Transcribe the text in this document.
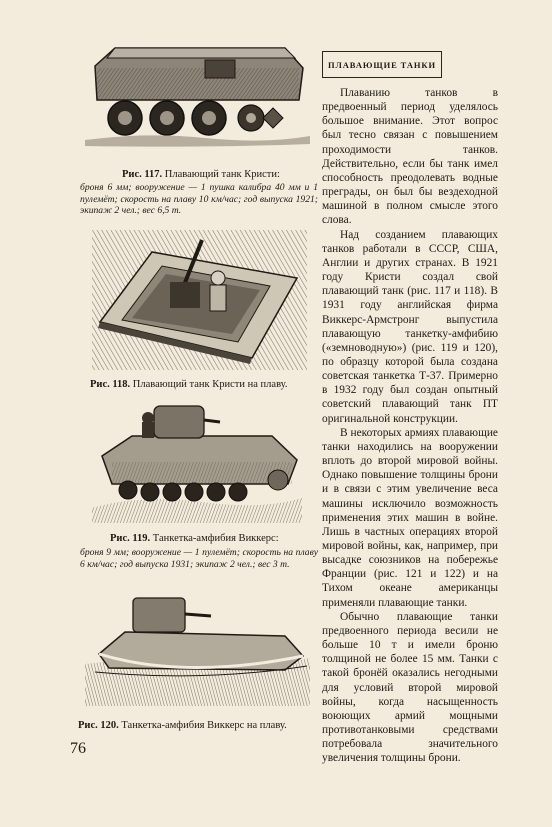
Рис. 117. Плавающий танк Кристи:
броня 6 мм; вооружение — 1 пушка калибра 40 мм и 1 пулемёт; скорость на плаву 10 км/час; год выпуска 1921; экипаж 2 чел.; вес 6,5 т.
Рис. 118. Плавающий танк Кристи на плаву.
Рис. 119. Танкетка-амфибия Виккерс:
броня 9 мм; вооружение — 1 пулемёт; скорость на плаву 6 км/час; год выпуска 1931; экипаж 2 чел.; вес 3 т.
Рис. 120. Танкетка-амфибия Виккерс на плаву.
76
ПЛАВАЮЩИЕ ТАНКИ

Плаванию танков в предвоенный период уделялось большое внимание. Этот вопрос был тесно связан с повышением проходимости танков. Действительно, если бы танк имел способность преодолевать водные преграды, он был бы вездеходной машиной в полном смысле этого слова.

Над созданием плавающих танков работали в СССР, США, Англии и других странах. В 1921 году Кристи создал свой плавающий танк (рис. 117 и 118). В 1931 году английская фирма Виккерс-Армстронг выпустила плавающую танкетку-амфибию («земноводную») (рис. 119 и 120), по образцу которой была создана советская танкетка Т-37. Примерно в 1932 году был создан опытный советский плавающий танк ПТ оригинальной конструкции.

В некоторых армиях плавающие танки находились на вооружении вплоть до второй мировой войны. Однако повышение толщины брони и в связи с этим увеличение веса машины исключило возможность применения этих машин в войне. Лишь в частных операциях второй мировой войны, как, например, при высадке союзников на побережье Франции (рис. 121 и 122) и на Тихом океане американцы применяли плавающие танки.

Обычно плавающие танки предвоенного периода весили не больше 10 т и имели броню толщиной не более 15 мм. Танки с такой бронёй оказались негодными для условий второй мировой войны, когда насыщенность воюющих армий мощными противотанковыми средствами потребовала значительного увеличения толщины брони.
